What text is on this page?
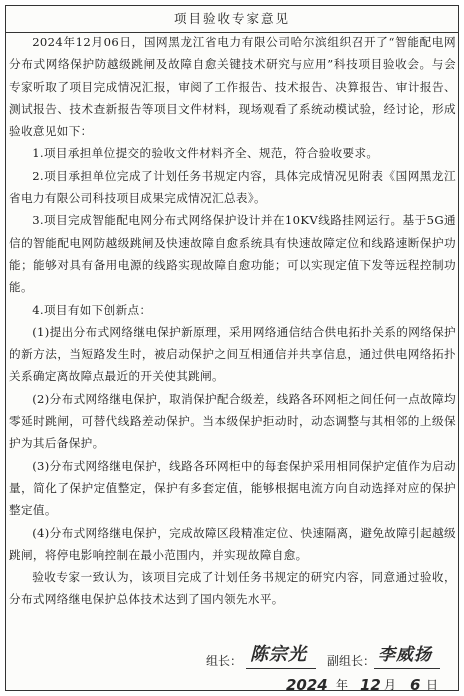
项目验收专家意见

2024年12月06日，国网黑龙江省电力有限公司哈尔滨组织召开了“智能配电网分布式网络保护防越级跳闸及故障自愈关键技术研究与应用”科技项目验收会。与会专家听取了项目完成情况汇报，审阅了工作报告、技术报告、决算报告、审计报告、测试报告、技术查新报告等项目文件材料，现场观看了系统动模试验，经讨论，形成验收意见如下：

1.项目承担单位提交的验收文件材料齐全、规范，符合验收要求。

2.项目承担单位完成了计划任务书规定内容，具体完成情况见附表《国网黑龙江省电力有限公司科技项目成果完成情况汇总表》。

3.项目完成智能配电网分布式网络保护设计并在10KV线路挂网运行。基于5G通信的智能配电网防越级跳闸及快速故障自愈系统具有快速故障定位和线路速断保护功能；能够对具有备用电源的线路实现故障自愈功能；可以实现定值下发等远程控制功能。

4.项目有如下创新点：

(1)提出分布式网络继电保护新原理，采用网络通信结合供电拓扑关系的网络保护的新方法，当短路发生时，被启动保护之间互相通信并共享信息，通过供电网络拓扑关系确定离故障点最近的开关使其跳闸。

(2)分布式网络继电保护，取消保护配合级差，线路各环网柜之间任何一点故障均零延时跳闸，可替代线路差动保护。当本级保护拒动时，动态调整与其相邻的上级保护为其后备保护。

(3)分布式网络继电保护，线路各环网柜中的每套保护采用相同保护定值作为启动量，简化了保护定值整定，保护有多套定值，能够根据电流方向自动选择对应的保护整定值。

(4)分布式网络继电保护，完成故障区段精准定位、快速隔离，避免故障引起越级跳闸，将停电影响控制在最小范围内，并实现故障自愈。

验收专家一致认为，该项目完成了计划任务书规定的研究内容，同意通过验收，分布式网络继电保护总体技术达到了国内领先水平。

组长： 陈宗光 副组长： 李威扬
2024 年 12 月 6 日
